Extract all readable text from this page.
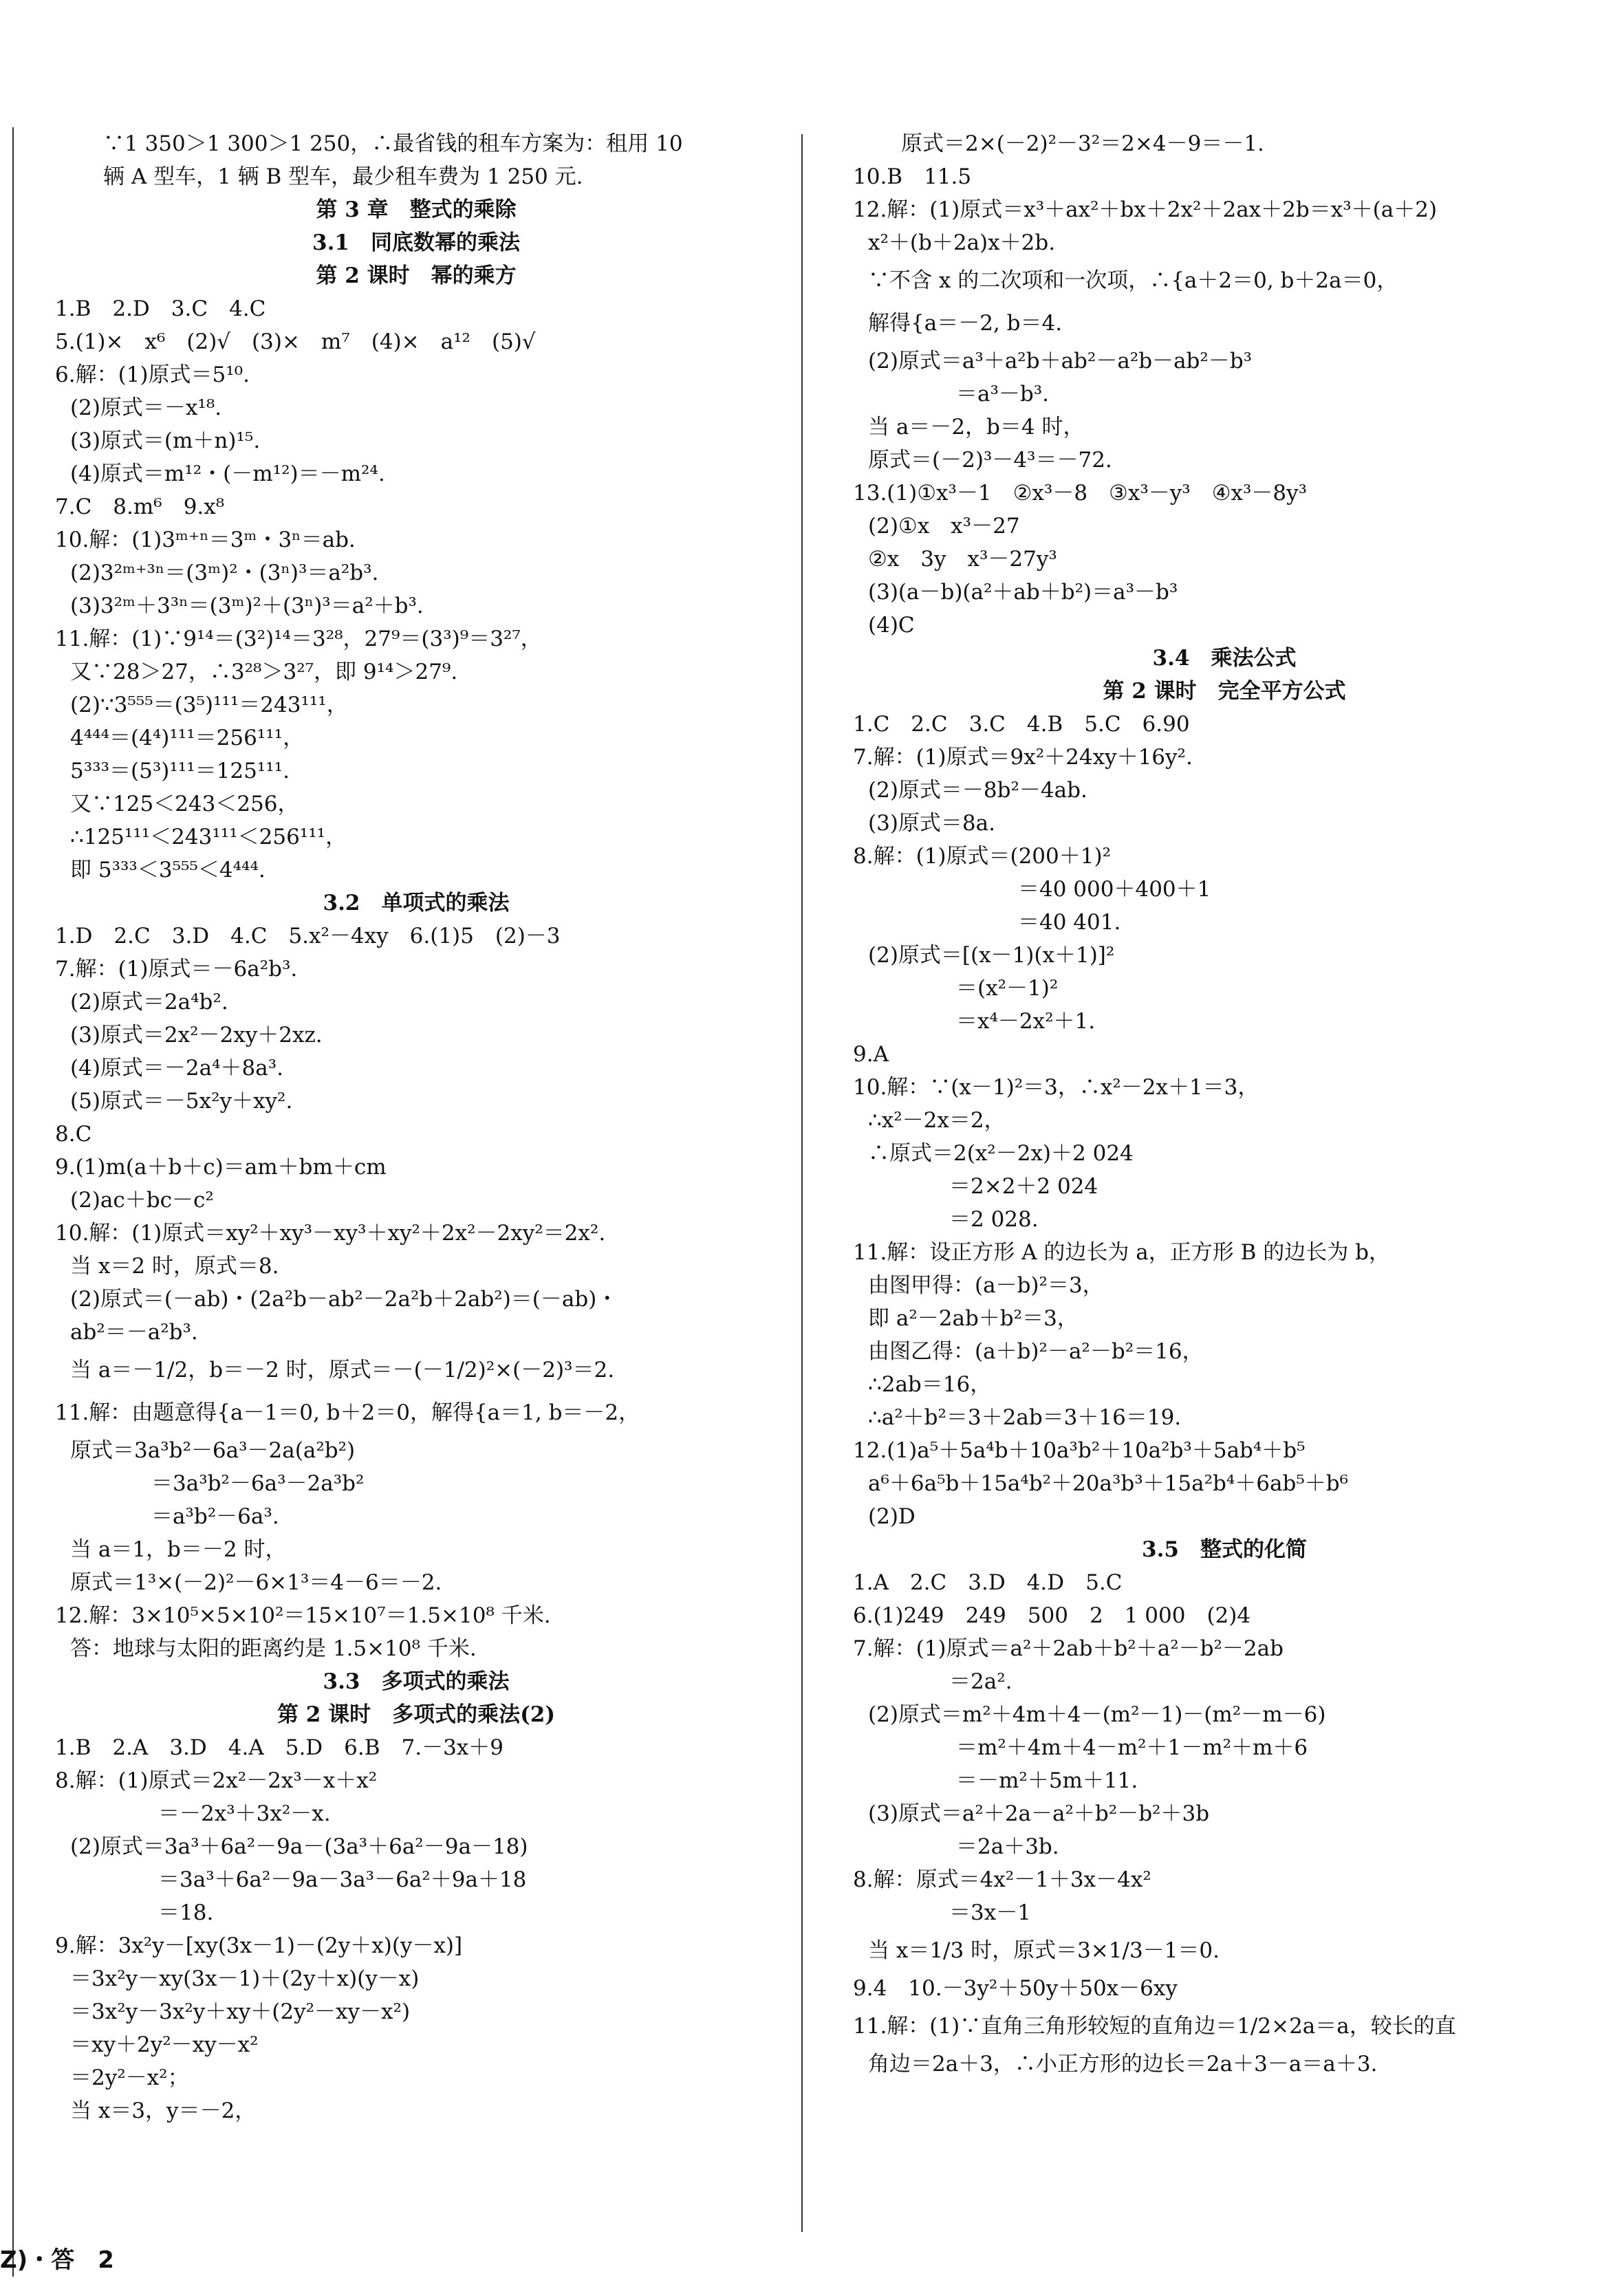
∵1 350＞1 300＞1 250，∴最省钱的租车方案为：租用 10
辆 A 型车，1 辆 B 型车，最少租车费为 1 250 元.
第 3 章　整式的乘除
3.1　同底数幂的乘法
第 2 课时　幂的乘方
1.B　2.D　3.C　4.C
5.(1)×　x⁶　(2)√　(3)×　m⁷　(4)×　a¹²　(5)√
6.解：(1)原式＝5¹⁰.
(2)原式＝－x¹⁸.
(3)原式＝(m＋n)¹⁵.
(4)原式＝m¹²・(－m¹²)＝－m²⁴.
7.C　8.m⁶　9.x⁸
10.解：(1)3ᵐ⁺ⁿ＝3ᵐ・3ⁿ＝ab.
(2)3²ᵐ⁺³ⁿ＝(3ᵐ)²・(3ⁿ)³＝a²b³.
(3)3²ᵐ＋3³ⁿ＝(3ᵐ)²＋(3ⁿ)³＝a²＋b³.
11.解：(1)∵9¹⁴＝(3²)¹⁴＝3²⁸，27⁹＝(3³)⁹＝3²⁷，
又∵28＞27，∴3²⁸＞3²⁷，即 9¹⁴＞27⁹.
(2)∵3⁵⁵⁵＝(3⁵)¹¹¹＝243¹¹¹，
4⁴⁴⁴＝(4⁴)¹¹¹＝256¹¹¹，
5³³³＝(5³)¹¹¹＝125¹¹¹.
又∵125＜243＜256，
∴125¹¹¹＜243¹¹¹＜256¹¹¹，
即 5³³³＜3⁵⁵⁵＜4⁴⁴⁴.
3.2　单项式的乘法
1.D　2.C　3.D　4.C　5.x²－4xy　6.(1)5　(2)－3
7.解：(1)原式＝－6a²b³.
(2)原式＝2a⁴b².
(3)原式＝2x²－2xy＋2xz.
(4)原式＝－2a⁴＋8a³.
(5)原式＝－5x²y＋xy².
8.C
9.(1)m(a＋b＋c)＝am＋bm＋cm
(2)ac＋bc－c²
10.解：(1)原式＝xy²＋xy³－xy³＋xy²＋2x²－2xy²＝2x².
当 x＝2 时，原式＝8.
(2)原式＝(－ab)・(2a²b－ab²－2a²b＋2ab²)＝(－ab)・
ab²＝－a²b³.
当 a＝－1/2，b＝－2 时，原式＝－(－1/2)²×(－2)³＝2.
11.解：由题意得{a－1＝0, b＋2＝0，解得{a＝1, b＝－2，
原式＝3a³b²－6a³－2a(a²b²)
＝3a³b²－6a³－2a³b²
＝a³b²－6a³.
当 a＝1，b＝－2 时，
原式＝1³×(－2)²－6×1³＝4－6＝－2.
12.解：3×10⁵×5×10²＝15×10⁷＝1.5×10⁸ 千米.
答：地球与太阳的距离约是 1.5×10⁸ 千米.
3.3　多项式的乘法
第 2 课时　多项式的乘法(2)
1.B　2.A　3.D　4.A　5.D　6.B　7.－3x＋9
8.解：(1)原式＝2x²－2x³－x＋x²
＝－2x³＋3x²－x.
(2)原式＝3a³＋6a²－9a－(3a³＋6a²－9a－18)
＝3a³＋6a²－9a－3a³－6a²＋9a＋18
＝18.
9.解：3x²y－[xy(3x－1)－(2y＋x)(y－x)]
＝3x²y－xy(3x－1)＋(2y＋x)(y－x)
＝3x²y－3x²y＋xy＋(2y²－xy－x²)
＝xy＋2y²－xy－x²
＝2y²－x²；
当 x＝3，y＝－2，
原式＝2×(－2)²－3²＝2×4－9＝－1.
10.B　11.5
12.解：(1)原式＝x³＋ax²＋bx＋2x²＋2ax＋2b＝x³＋(a＋2)
x²＋(b＋2a)x＋2b.
∵不含 x 的二次项和一次项，∴{a＋2＝0, b＋2a＝0，
解得{a＝－2, b＝4.
(2)原式＝a³＋a²b＋ab²－a²b－ab²－b³
＝a³－b³.
当 a＝－2，b＝4 时，
原式＝(－2)³－4³＝－72.
13.(1)①x³－1　②x³－8　③x³－y³　④x³－8y³
(2)①x　x³－27
②x　3y　x³－27y³
(3)(a－b)(a²＋ab＋b²)＝a³－b³
(4)C
3.4　乘法公式
第 2 课时　完全平方公式
1.C　2.C　3.C　4.B　5.C　6.90
7.解：(1)原式＝9x²＋24xy＋16y².
(2)原式＝－8b²－4ab.
(3)原式＝8a.
8.解：(1)原式＝(200＋1)²
＝40 000＋400＋1
＝40 401.
(2)原式＝[(x－1)(x＋1)]²
＝(x²－1)²
＝x⁴－2x²＋1.
9.A
10.解：∵(x－1)²＝3，∴x²－2x＋1＝3，
∴x²－2x＝2，
∴原式＝2(x²－2x)＋2 024
＝2×2＋2 024
＝2 028.
11.解：设正方形 A 的边长为 a，正方形 B 的边长为 b，
由图甲得：(a－b)²＝3，
即 a²－2ab＋b²＝3，
由图乙得：(a＋b)²－a²－b²＝16，
∴2ab＝16，
∴a²＋b²＝3＋2ab＝3＋16＝19.
12.(1)a⁵＋5a⁴b＋10a³b²＋10a²b³＋5ab⁴＋b⁵
a⁶＋6a⁵b＋15a⁴b²＋20a³b³＋15a²b⁴＋6ab⁵＋b⁶
(2)D
3.5　整式的化简
1.A　2.C　3.D　4.D　5.C
6.(1)249　249　500　2　1 000　(2)4
7.解：(1)原式＝a²＋2ab＋b²＋a²－b²－2ab
＝2a².
(2)原式＝m²＋4m＋4－(m²－1)－(m²－m－6)
＝m²＋4m＋4－m²＋1－m²＋m＋6
＝－m²＋5m＋11.
(3)原式＝a²＋2a－a²＋b²－b²＋3b
＝2a＋3b.
8.解：原式＝4x²－1＋3x－4x²
＝3x－1
当 x＝1/3 时，原式＝3×1/3－1＝0.
9.4　10.－3y²＋50y＋50x－6xy
11.解：(1)∵直角三角形较短的直角边＝1/2×2a＝a，较长的直
角边＝2a＋3，∴小正方形的边长＝2a＋3－a＝a＋3.
Z)・答　2
